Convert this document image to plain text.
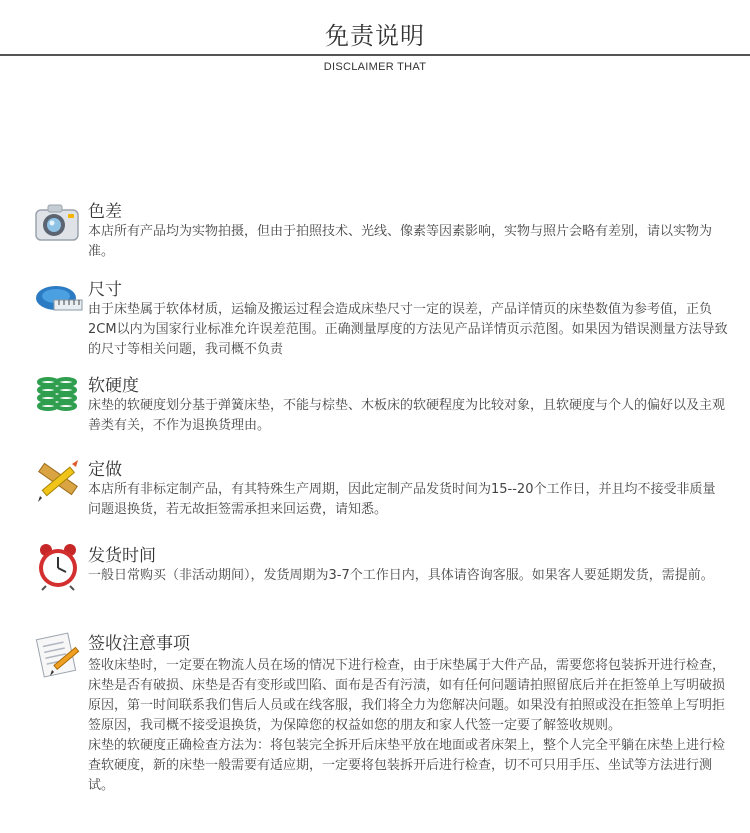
免责说明
DISCLAIMER THAT
色差

本店所有产品均为实物拍摄，但由于拍照技术、光线、像素等因素影响，实物与照片会略有差别，请以实物为准。

尺寸

由于床垫属于软体材质，运输及搬运过程会造成床垫尺寸一定的误差，产品详情页的床垫数值为参考值，正负2CM以内为国家行业标准允许误差范围。正确测量厚度的方法见产品详情页示范图。如果因为错误测量方法导致的尺寸等相关问题，我司概不负责

软硬度

床垫的软硬度划分基于弹簧床垫，不能与棕垫、木板床的软硬程度为比较对象，且软硬度与个人的偏好以及主观善类有关，不作为退换货理由。

定做

本店所有非标定制产品，有其特殊生产周期，因此定制产品发货时间为15--20个工作日，并且均不接受非质量问题退换货，若无故拒签需承担来回运费，请知悉。

发货时间

一般日常购买（非活动期间），发货周期为3-7个工作日内，具体请咨询客服。如果客人要延期发货，需提前。

签收注意事项

签收床垫时，一定要在物流人员在场的情况下进行检查，由于床垫属于大件产品，需要您将包装拆开进行检查，床垫是否有破损、床垫是否有变形或凹陷、面布是否有污渍，如有任何问题请拍照留底后并在拒签单上写明破损原因，第一时间联系我们售后人员或在线客服，我们将全力为您解决问题。如果没有拍照或没在拒签单上写明拒签原因，我司概不接受退换货，为保障您的权益如您的朋友和家人代签一定要了解签收规则。

床垫的软硬度正确检查方法为：将包装完全拆开后床垫平放在地面或者床架上，整个人完全平躺在床垫上进行检查软硬度，新的床垫一般需要有适应期，一定要将包装拆开后进行检查，切不可只用手压、坐试等方法进行测试。
